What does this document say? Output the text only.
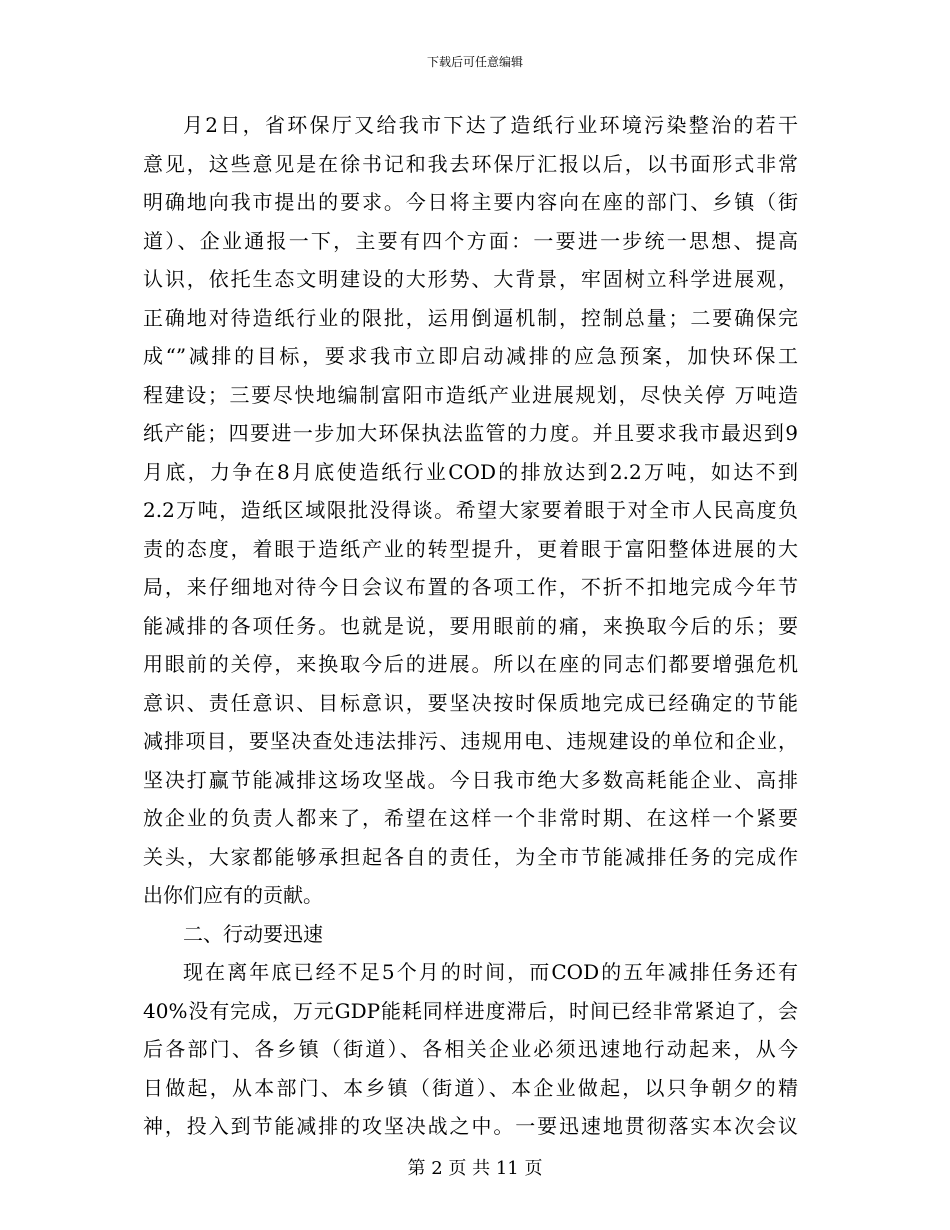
下载后可任意编辑
月2日，省环保厅又给我市下达了造纸行业环境污染整治的若干
意见，这些意见是在徐书记和我去环保厅汇报以后，以书面形式非常
明确地向我市提出的要求。今日将主要内容向在座的部门、乡镇（街
道）、企业通报一下，主要有四个方面：一要进一步统一思想、提高
认识，依托生态文明建设的大形势、大背景，牢固树立科学进展观，
正确地对待造纸行业的限批，运用倒逼机制，控制总量；二要确保完
成“”减排的目标，要求我市立即启动减排的应急预案，加快环保工
程建设；三要尽快地编制富阳市造纸产业进展规划，尽快关停 万吨造
纸产能；四要进一步加大环保执法监管的力度。并且要求我市最迟到9
月底，力争在8月底使造纸行业COD的排放达到2.2万吨，如达不到
2.2万吨，造纸区域限批没得谈。希望大家要着眼于对全市人民高度负
责的态度，着眼于造纸产业的转型提升，更着眼于富阳整体进展的大
局，来仔细地对待今日会议布置的各项工作，不折不扣地完成今年节
能减排的各项任务。也就是说，要用眼前的痛，来换取今后的乐；要
用眼前的关停，来换取今后的进展。所以在座的同志们都要增强危机
意识、责任意识、目标意识，要坚决按时保质地完成已经确定的节能
减排项目，要坚决查处违法排污、违规用电、违规建设的单位和企业，
坚决打赢节能减排这场攻坚战。今日我市绝大多数高耗能企业、高排
放企业的负责人都来了，希望在这样一个非常时期、在这样一个紧要
关头，大家都能够承担起各自的责任，为全市节能减排任务的完成作
出你们应有的贡献。
二、行动要迅速
现在离年底已经不足5个月的时间，而COD的五年减排任务还有
40%没有完成，万元GDP能耗同样进度滞后，时间已经非常紧迫了，会
后各部门、各乡镇（街道）、各相关企业必须迅速地行动起来，从今
日做起，从本部门、本乡镇（街道）、本企业做起，以只争朝夕的精
神，投入到节能减排的攻坚决战之中。一要迅速地贯彻落实本次会议
第 2 页 共 11 页
